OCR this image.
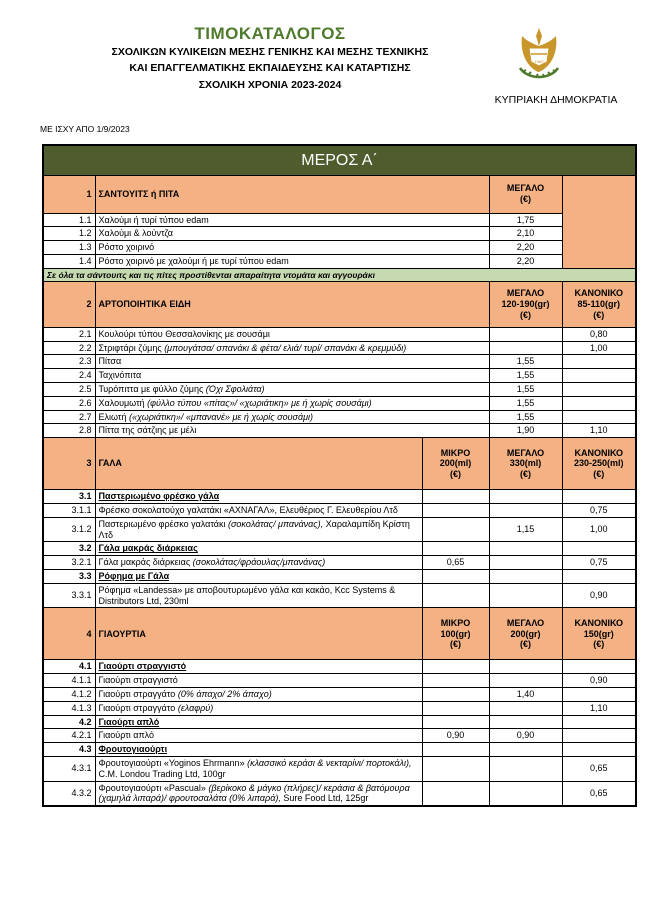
ΤΙΜΟΚΑΤΑΛΟΓΟΣ
ΣΧΟΛΙΚΩΝ ΚΥΛΙΚΕΙΩΝ ΜΕΣΗΣ ΓΕΝΙΚΗΣ ΚΑΙ ΜΕΣΗΣ ΤΕΧΝΙΚΗΣ
ΚΑΙ ΕΠΑΓΓΕΛΜΑΤΙΚΗΣ ΕΚΠΑΙΔΕΥΣΗΣ ΚΑΙ ΚΑΤΑΡΤΙΣΗΣ
ΣΧΟΛΙΚΗ ΧΡΟΝΙΑ 2023-2024
1960
ΚΥΠΡΙΑΚΗ ΔΗΜΟΚΡΑΤΙΑ
ΜΕ ΙΣΧΥ ΑΠΟ 1/9/2023
ΜΕΡΟΣ Α΄				
1	ΣΑΝΤΟΥΙΤΣ ή ΠΙΤΑ		ΜΕΓΑΛΟ
(€)	
1.1	Χαλούμι ή τυρί τύπου edam		1,75	
1.2	Χαλούμι & λούντζα		2,10	
1.3	Ρόστο χοιρινό		2,20	
1.4	Ρόστο χοιρινό με χαλούμι ή με τυρί τύπου edam		2,20	
Σε όλα τα σάντουιτς και τις πίτες προστίθενται απαραίτητα ντομάτα και αγγουράκι				
2	ΑΡΤΟΠΟΙΗΤΙΚΑ ΕΙΔΗ		ΜΕΓΑΛΟ
120-190(gr)
(€)	ΚΑΝΟΝΙΚΟ
85-110(gr)
(€)
2.1	Κουλούρι τύπου Θεσσαλονίκης με σουσάμι			0,80
2.2	Στριφτάρι ζύμης (μπουγάτσα/ σπανάκι & φέτα/ ελιά/ τυρί/ σπανάκι & κρεμμύδι)			1,00
2.3	Πίτσα		1,55	
2.4	Ταχινόπιτα		1,55	
2.5	Τυρόπιττα με φύλλο ζύμης (Όχι Σφολιάτα)		1,55	
2.6	Χαλουμωτή (φύλλο τύπου «πίτας»/ «χωριάτικη» με ή χωρίς σουσάμι)		1,55	
2.7	Ελιωτή («χωριάτικη»/ «μπανανέ» με ή χωρίς σουσάμι)		1,55	
2.8	Πίττα της σάτζιης με μέλι		1,90	1,10
3	ΓΑΛΑ	ΜΙΚΡΟ
200(ml)
(€)	ΜΕΓΑΛΟ
330(ml)
(€)	ΚΑΝΟΝΙΚΟ
230-250(ml)
(€)
3.1	Παστεριωμένο φρέσκο γάλα			
3.1.1	Φρέσκο σοκολατούχο γαλατάκι «ΑΧΝΑΓΑΛ», Ελευθέριος Γ. Ελευθερίου Λτδ			0,75
3.1.2	Παστεριωμένο φρέσκο γαλατάκι (σοκολάτας/ μπανάνας), Χαραλαμπίδη Κρίστη Λτδ		1,15	1,00
3.2	Γάλα μακράς διάρκειας			
3.2.1	Γάλα μακράς διάρκειας (σοκολάτας/φράουλας/μπανάνας)	0,65		0,75
3.3	Ρόφημα με Γάλα			
3.3.1	Ρόφημα «Landessa» με αποβουτυρωμένο γάλα και κακάο, Kcc Systems & Distributors Ltd, 230ml			0,90
4	ΓΙΑΟΥΡΤΙΑ	ΜΙΚΡΟ
100(gr)
(€)	ΜΕΓΑΛΟ
200(gr)
(€)	ΚΑΝΟΝΙΚΟ
150(gr)
(€)
4.1	Γιαούρτι στραγγιστό			
4.1.1	Γιαούρτι στραγγιστό			0,90
4.1.2	Γιαούρτι στραγγάτο (0% άπαχο/ 2% άπαχο)		1,40	
4.1.3	Γιαούρτι στραγγάτο (ελαφρύ)			1,10
4.2	Γιαούρτι απλό			
4.2.1	Γιαούρτι απλό	0,90	0,90	
4.3	Φρουτογιαούρτι			
4.3.1	Φρουτογιαούρτι «Yoginos Ehrmann» (κλασσικό κεράσι & νεκταρίνι/ πορτοκάλι), C.M. Londou Trading Ltd, 100gr			0,65
4.3.2	Φρουτογιαούρτι «Pascual» (βερίκοκο & μάγκο (πλήρες)/ κεράσια & βατόμουρα (χαμηλά λιπαρά)/ φρουτοσαλάτα (0% λιπαρά), Sure Food Ltd, 125gr			0,65
